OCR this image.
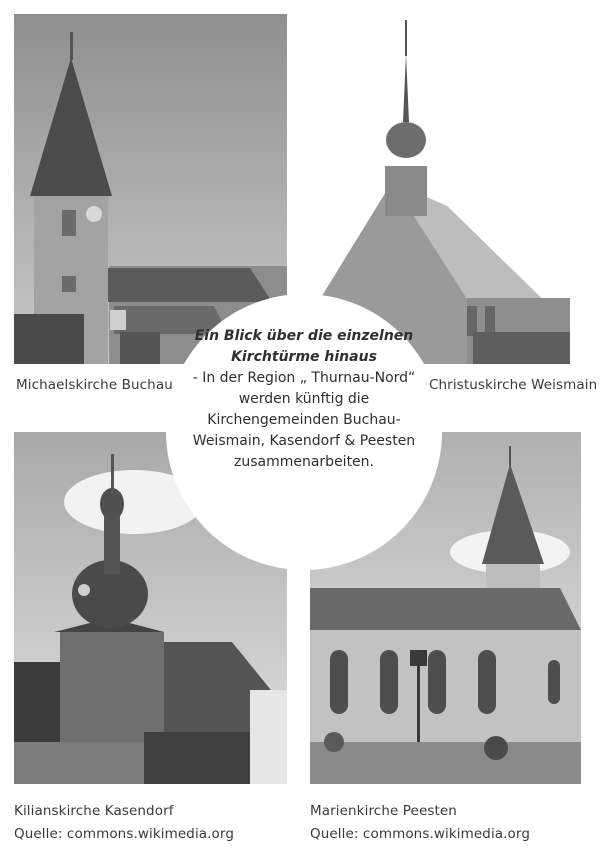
Ein Blick über die einzelnen Kirchtürme hinaus
- In der Region „ Thurnau-Nord“ werden künftig die Kirchengemeinden Buchau-Weismain, Kasendorf & Peesten zusammenarbeiten.
Michaelskirche Buchau	Christuskirche Weismain
Kilianskirche Kasendorf
Quelle: commons.wikimedia.org
Marienkirche Peesten
Quelle: commons.wikimedia.org
